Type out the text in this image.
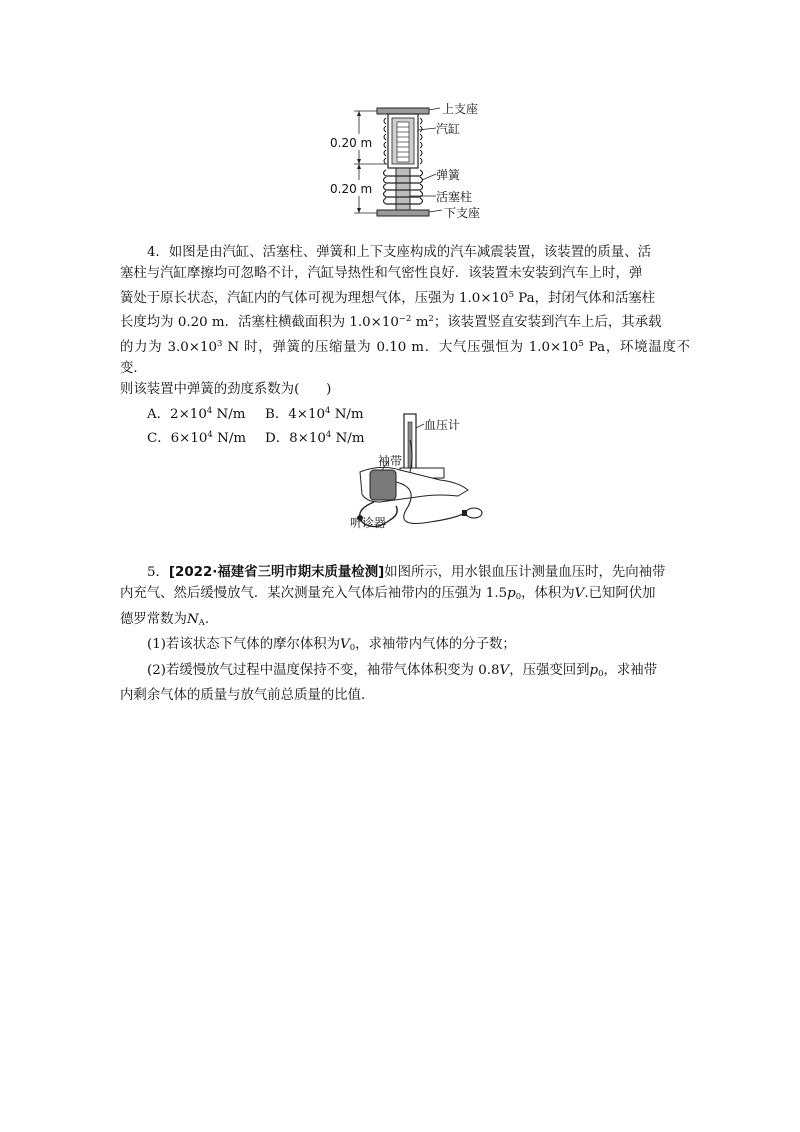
上支座
汽缸
弹簧
活塞柱
下支座
0.20 m
0.20 m

4．如图是由汽缸、活塞柱、弹簧和上下支座构成的汽车减震装置，该装置的质量、活

塞柱与汽缸摩擦均可忽略不计，汽缸导热性和气密性良好．该装置未安装到汽车上时，弹

簧处于原长状态，汽缸内的气体可视为理想气体，压强为 $1.0\times 10^5$ Pa，封闭气体和活塞柱

长度均为 0.20 m．活塞柱横截面积为 $1.0\times 10^{-2}$ $m^2$；该装置竖直安装到汽车上后，其承载

的力为 $3.0\times 10^3$ N 时，弹簧的压缩量为 0.10 m．大气压强恒为 $1.0\times 10^5$ Pa，环境温度不变．

则该装置中弹簧的劲度系数为(　　)

A．$2\times 10^4$ N/m B．$4\times 10^4$ N/m

C．$6\times 10^4$ N/m D．$8\times 10^4$ N/m

血压计
袖带
听诊器

5．[2022·福建省三明市期末质量检测]如图所示，用水银血压计测量血压时，先向袖带

内充气、然后缓慢放气．某次测量充入气体后袖带内的压强为 $1.5p_0$，体积为V.已知阿伏加

德罗常数为$N_A$.

(1)若该状态下气体的摩尔体积为$V_0$，求袖带内气体的分子数；

(2)若缓慢放气过程中温度保持不变，袖带气体体积变为 0.8V，压强变回到$p_0$，求袖带

内剩余气体的质量与放气前总质量的比值．
